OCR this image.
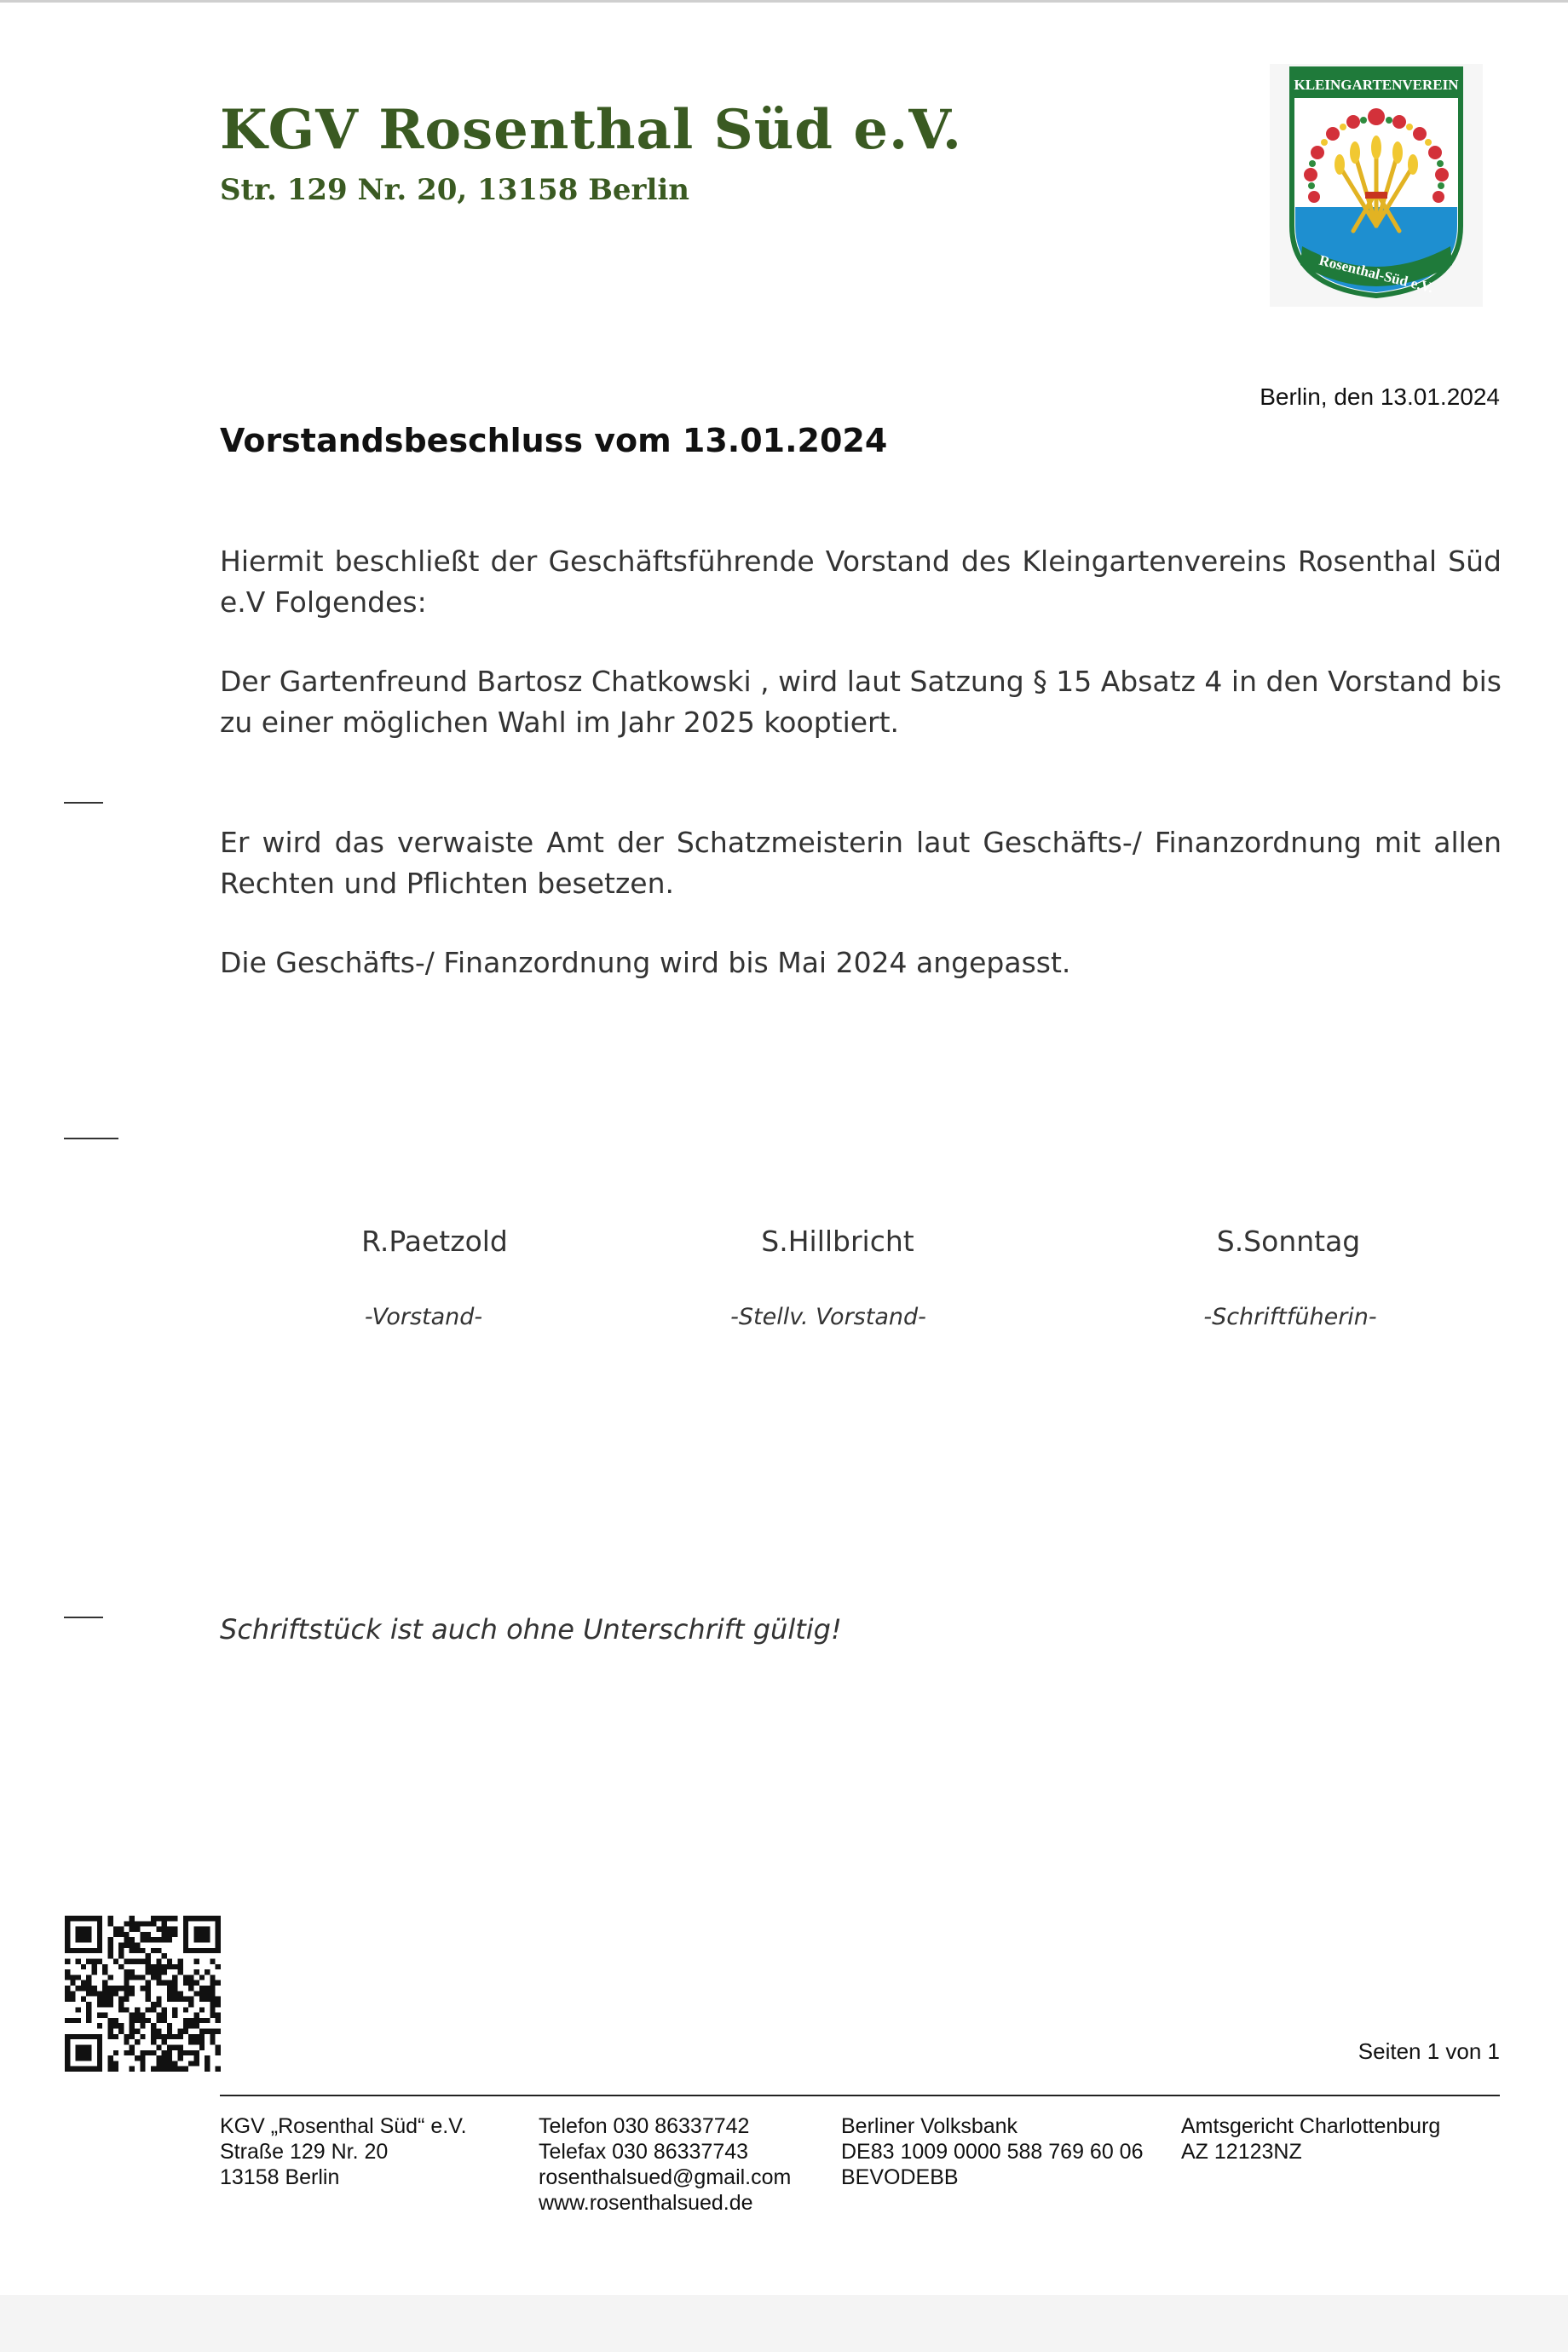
KGV Rosenthal Süd e.V.
Str. 129 Nr. 20, 13158 Berlin
KLEINGARTENVEREIN
Rosenthal-Süd e.V.
Berlin, den 13.01.2024
Vorstandsbeschluss vom 13.01.2024
Hiermit beschließt der Geschäftsführende Vorstand des Kleingartenvereins Rosenthal Süd e.V Folgendes:
Der Gartenfreund Bartosz Chatkowski , wird laut Satzung § 15 Absatz 4 in den Vorstand bis zu einer möglichen Wahl im Jahr 2025 kooptiert.
Er wird das verwaiste Amt der Schatzmeisterin laut Geschäfts-/ Finanzordnung mit allen Rechten und Pflichten besetzen.
Die Geschäfts-/ Finanzordnung wird bis Mai 2024 angepasst.
R.Paetzold
-Vorstand-
S.Hillbricht
-Stellv. Vorstand-
S.Sonntag
-Schriftfüherin-
Schriftstück ist auch ohne Unterschrift gültig!
Seiten 1 von 1
KGV „Rosenthal Süd“ e.V.
Straße 129 Nr. 20
13158 Berlin
Telefon 030 86337742
Telefax 030 86337743
rosenthalsued@gmail.com
www.rosenthalsued.de
Berliner Volksbank
DE83 1009 0000 588 769 60 06
BEVODEBB
Amtsgericht Charlottenburg
AZ 12123NZ
